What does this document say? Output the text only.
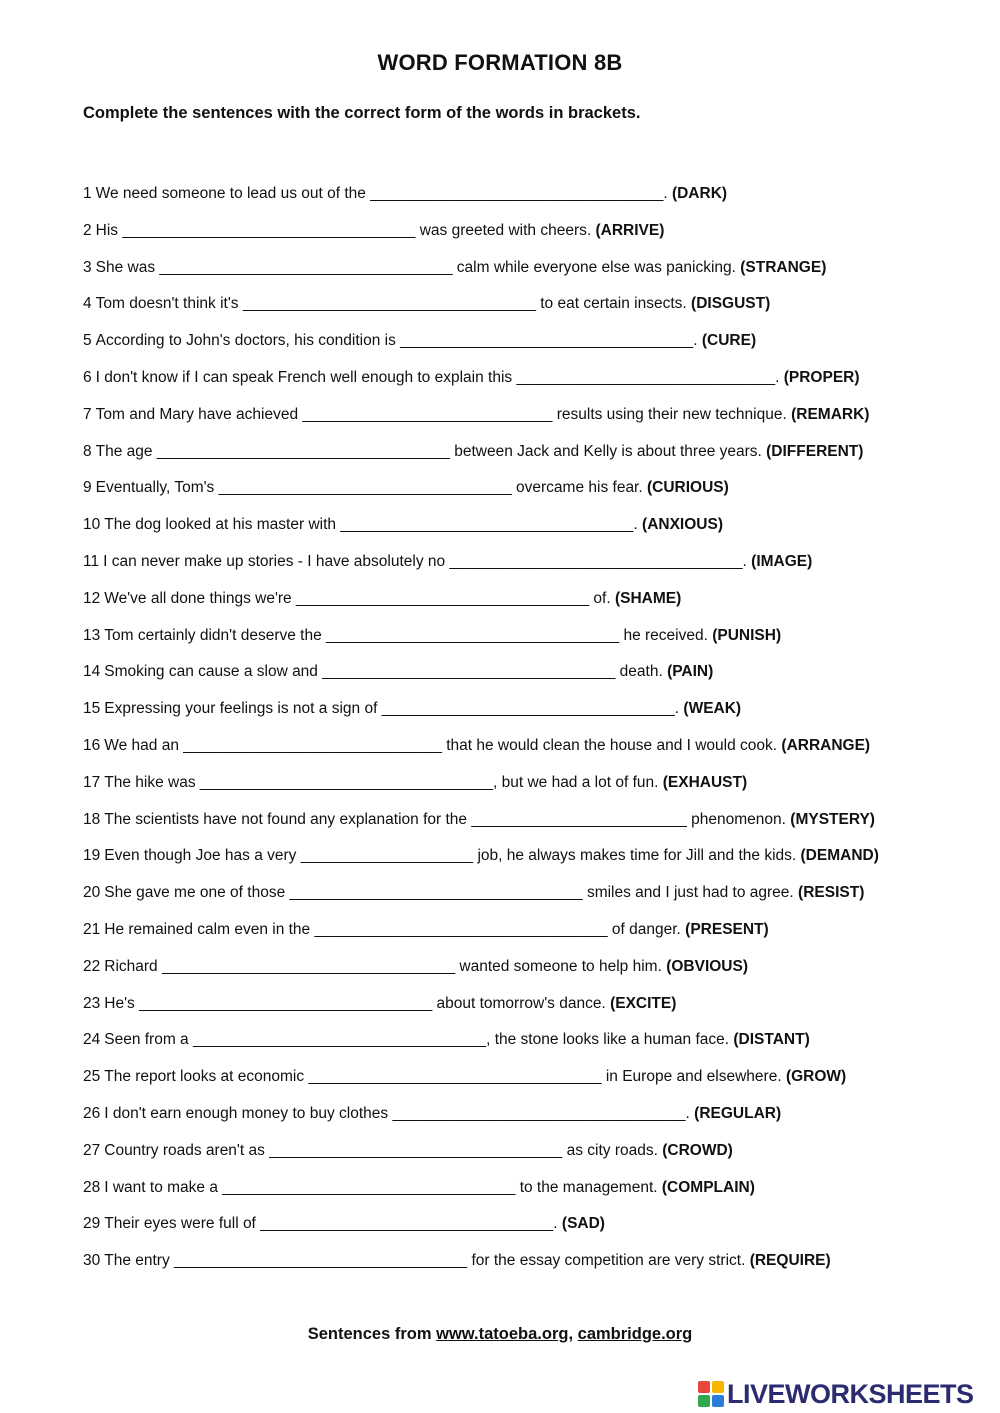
WORD FORMATION 8B

Complete the sentences with the correct form of the words in brackets.

1 We need someone to lead us out of the __________________________________. (DARK)
2 His __________________________________ was greeted with cheers. (ARRIVE)
3 She was __________________________________ calm while everyone else was panicking. (STRANGE)
4 Tom doesn't think it's __________________________________ to eat certain insects. (DISGUST)
5 According to John's doctors, his condition is __________________________________. (CURE)
6 I don't know if I can speak French well enough to explain this ______________________________. (PROPER)
7 Tom and Mary have achieved _____________________________ results using their new technique. (REMARK)
8 The age __________________________________ between Jack and Kelly is about three years. (DIFFERENT)
9 Eventually, Tom's __________________________________ overcame his fear. (CURIOUS)
10 The dog looked at his master with __________________________________. (ANXIOUS)
11 I can never make up stories - I have absolutely no __________________________________. (IMAGE)
12 We've all done things we're __________________________________ of. (SHAME)
13 Tom certainly didn't deserve the __________________________________ he received. (PUNISH)
14 Smoking can cause a slow and __________________________________ death. (PAIN)
15 Expressing your feelings is not a sign of __________________________________. (WEAK)
16 We had an ______________________________ that he would clean the house and I would cook. (ARRANGE)
17 The hike was __________________________________, but we had a lot of fun. (EXHAUST)
18 The scientists have not found any explanation for the _________________________ phenomenon. (MYSTERY)
19 Even though Joe has a very ____________________ job, he always makes time for Jill and the kids. (DEMAND)
20 She gave me one of those __________________________________ smiles and I just had to agree. (RESIST)
21 He remained calm even in the __________________________________ of danger. (PRESENT)
22 Richard __________________________________ wanted someone to help him. (OBVIOUS)
23 He's __________________________________ about tomorrow's dance. (EXCITE)
24 Seen from a __________________________________, the stone looks like a human face. (DISTANT)
25 The report looks at economic __________________________________ in Europe and elsewhere. (GROW)
26 I don't earn enough money to buy clothes __________________________________. (REGULAR)
27 Country roads aren't as __________________________________ as city roads. (CROWD)
28 I want to make a __________________________________ to the management. (COMPLAIN)
29 Their eyes were full of __________________________________. (SAD)
30 The entry __________________________________ for the essay competition are very strict. (REQUIRE)

Sentences from www.tatoeba.org, cambridge.org

LIVEWORKSHEETS
